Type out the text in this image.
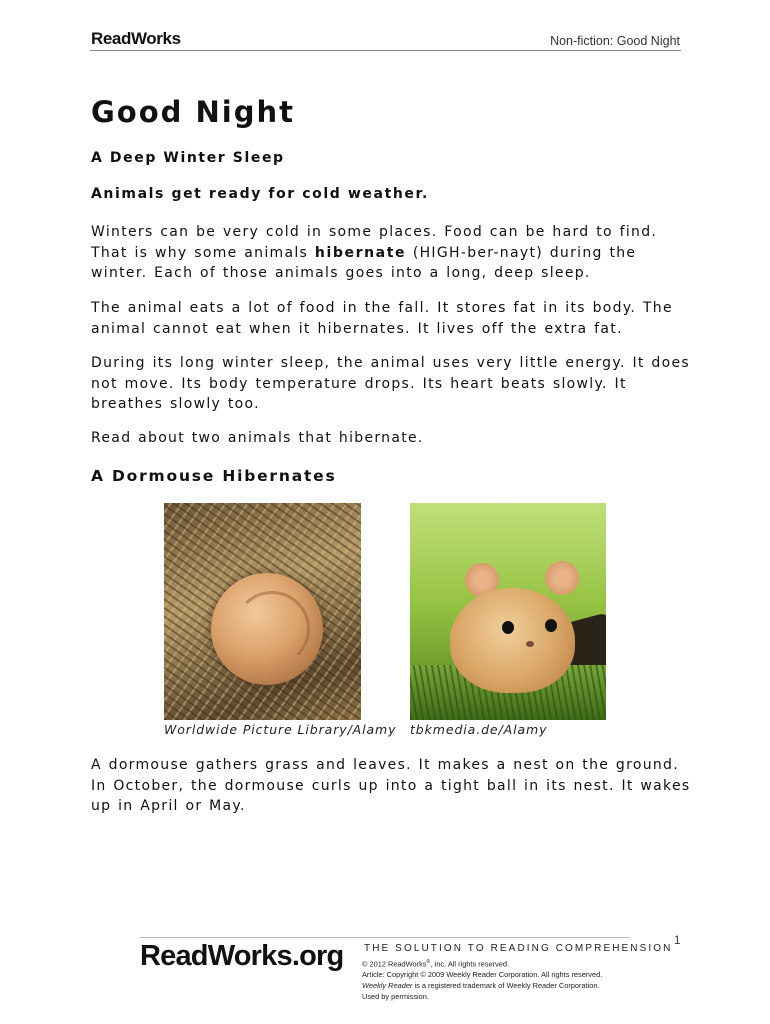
ReadWorks	Non-fiction: Good Night
Good Night
A Deep Winter Sleep

Animals get ready for cold weather.

Winters can be very cold in some places. Food can be hard to find. That is why some animals hibernate (HIGH-ber-nayt) during the winter. Each of those animals goes into a long, deep sleep.

The animal eats a lot of food in the fall. It stores fat in its body. The animal cannot eat when it hibernates. It lives off the extra fat.

During its long winter sleep, the animal uses very little energy. It does not move. Its body temperature drops. Its heart beats slowly. It breathes slowly too.

Read about two animals that hibernate.

A Dormouse Hibernates
Worldwide Picture Library/Alamy tbkmedia.de/Alamy

A dormouse gathers grass and leaves. It makes a nest on the ground. In October, the dormouse curls up into a tight ball in its nest. It wakes up in April or May.

1
ReadWorks.org THE SOLUTION TO READING COMPREHENSION
© 2012 ReadWorks®, Inc. All rights reserved.
Article: Copyright © 2009 Weekly Reader Corporation. All rights reserved.
Weekly Reader is a registered trademark of Weekly Reader Corporation.
Used by permission.
